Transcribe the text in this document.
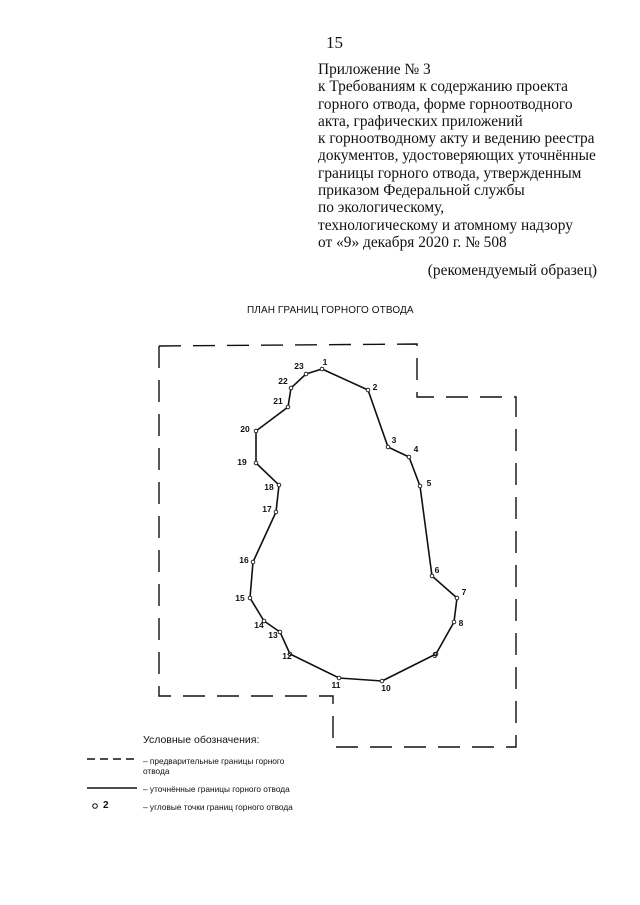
15
Приложение № 3
к Требованиям к содержанию проекта
горного отвода, форме горноотводного
акта, графических приложений
к горноотводному акту и ведению реестра
документов, удостоверяющих уточнённые
границы горного отвода, утвержденным
приказом Федеральной службы
по экологическому,
технологическому и атомному надзору
от «9» декабря 2020 г. № 508
(рекомендуемый образец)
ПЛАН ГРАНИЦ ГОРНОГО ОТВОДА
1
2
3
4
5
6
7
8
9
10
11
12
13
14
15
16
17
18
19
20
21
22
23
Условные обозначения:
– предварительные границы горного отвода
– уточнённые границы горного отвода
2	– угловые точки границ горного отвода
